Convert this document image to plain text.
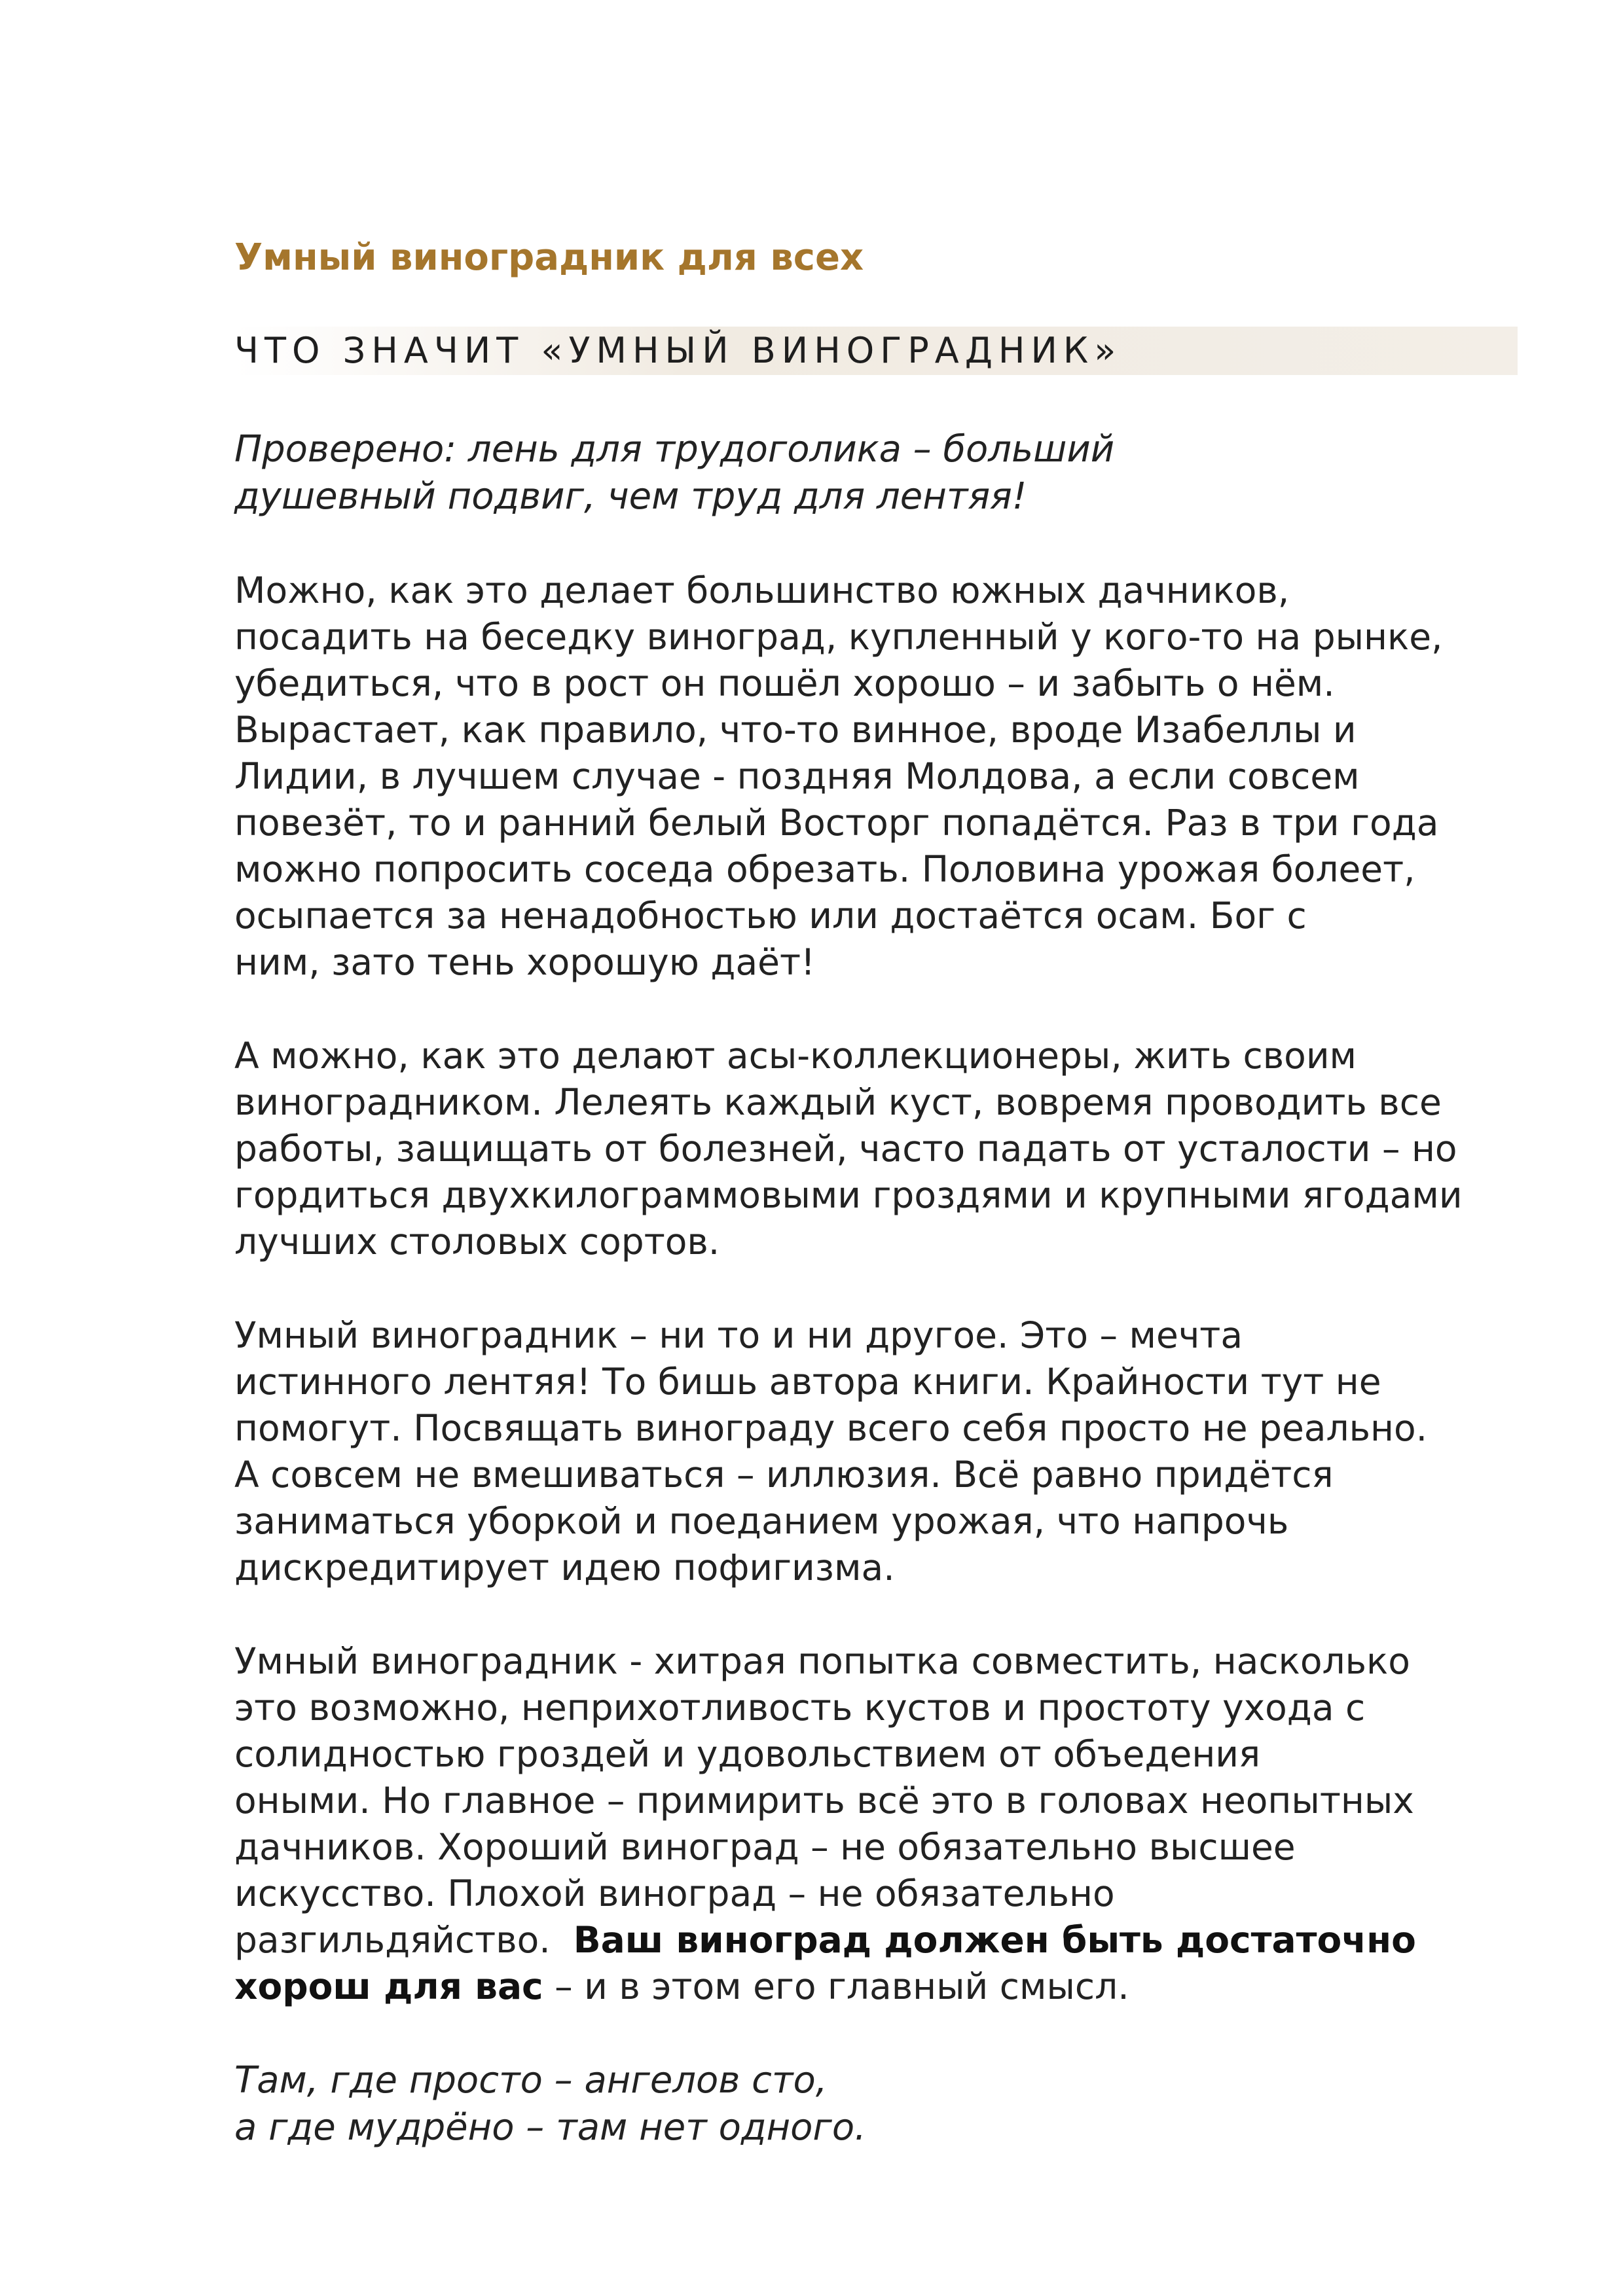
Умный виноградник для всех
ЧТО ЗНАЧИТ «УМНЫЙ ВИНОГРАДНИК»
Проверено: лень для трудоголика – больший
душевный подвиг, чем труд для лентяя!

Можно, как это делает большинство южных дачников,
посадить на беседку виноград, купленный у кого-то на рынке,
убедиться, что в рост он пошёл хорошо – и забыть о нём.
Вырастает, как правило, что-то винное, вроде Изабеллы и
Лидии, в лучшем случае - поздняя Молдова, а если совсем
повезёт, то и ранний белый Восторг попадётся. Раз в три года
можно попросить соседа обрезать. Половина урожая болеет,
осыпается за ненадобностью или достаётся осам. Бог с
ним, зато тень хорошую даёт!

А можно, как это делают асы-коллекционеры, жить своим
виноградником. Лелеять каждый куст, вовремя проводить все
работы, защищать от болезней, часто падать от усталости – но
гордиться двухкилограммовыми гроздями и крупными ягодами
лучших столовых сортов.

Умный виноградник – ни то и ни другое. Это – мечта
истинного лентяя! То бишь автора книги. Крайности тут не
помогут. Посвящать винограду всего себя просто не реально.
А совсем не вмешиваться – иллюзия. Всё равно придётся
заниматься уборкой и поеданием урожая, что напрочь
дискредитирует идею пофигизма.

Умный виноградник - хитрая попытка совместить, насколько
это возможно, неприхотливость кустов и простоту ухода с
солидностью гроздей и удовольствием от объедения
оными. Но главное – примирить всё это в головах неопытных
дачников. Хороший виноград – не обязательно высшее
искусство. Плохой виноград – не обязательно
разгильдяйство.  Ваш виноград должен быть достаточно
хорош для вас – и в этом его главный смысл.

Там, где просто – ангелов сто,
а где мудрёно – там нет одного.
